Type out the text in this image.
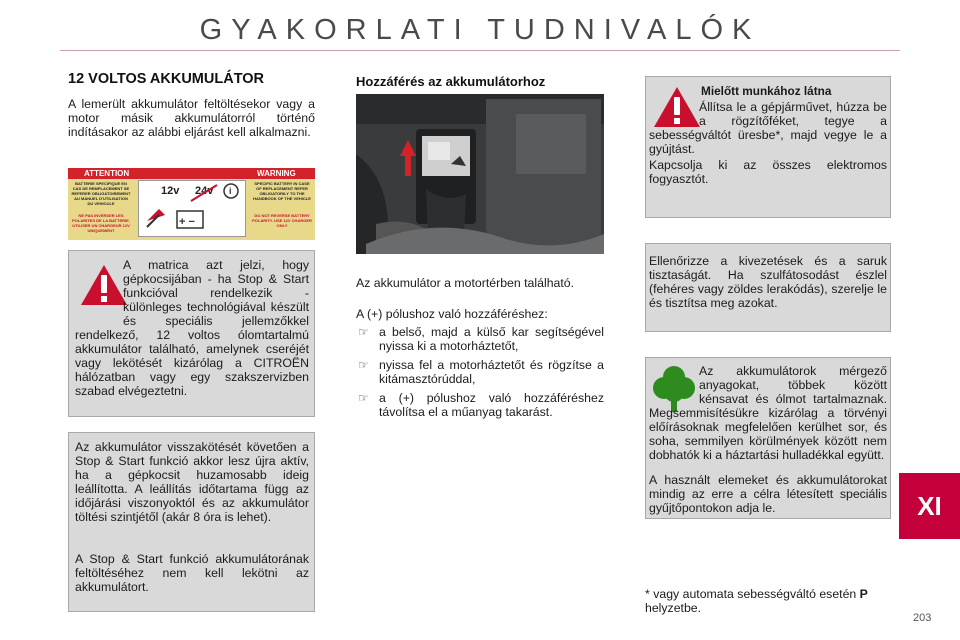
GYAKORLATI TUDNIVALÓK
12 VOLTOS AKKUMULÁTOR
A lemerült akkumulátor feltöltésekor vagy a motor másik akkumulátorról történő indításakor az alábbi eljárást kell alkalmazni.
ATTENTION	WARNING
BATTERIE SPECIFIQUE EN CAS DE REMPLACEMENT SE REFERER OBLIGATOIREMENT AU MANUEL D'UTILISATION DU VEHICULE
SPECIFIC BATTERY IN CASE OF REPLACEMENT REFER OBLIGATORILY TO THE HANDBOOK OF THE VEHICLE
NE PAS INVERSER LES POLARITES DE LA BATTERIE. UTILISER UN CHARGEUR 12V UNIQUEMENT
DO NOT REVERSE BATTERY POLARITY. USE 12V CHARGER ONLY
12v 24v i
+ −
A matrica azt jelzi, hogy gépkocsijában - ha Stop & Start funkcióval rendelkezik - különleges technológiával készült és speciális jellemzőkkel rendelkező, 12 voltos ólomtartalmú akkumulátor található, amelynek cseréjét vagy lekötését kizárólag a CITROËN hálózatban vagy egy szakszervizben szabad elvégeztetni.
Az akkumulátor visszakötését követően a Stop & Start funkció akkor lesz újra aktív, ha a gépkocsit huzamosabb ideig leállította. A leállítás időtartama függ az időjárási viszonyoktól és az akkumulátor töltési szintjétől (akár 8 óra is lehet).
A Stop & Start funkció akkumulátorának feltöltéséhez nem kell lekötni az akkumulátort.
Hozzáférés az akkumulátorhoz
Az akkumulátor a motortérben található.
A (+) pólushoz való hozzáféréshez:
☞ a belső, majd a külső kar segítségével nyissa ki a motorháztetőt,
☞ nyissa fel a motorháztetőt és rögzítse a kitámasztórúddal,
☞ a (+) pólushoz való hozzáféréshez távolítsa el a műanyag takarást.
Mielőtt munkához látna
Állítsa le a gépjárművet, húzza be a rögzítőféket, tegye a sebességváltót üresbe*, majd vegye le a gyújtást.
Kapcsolja ki az összes elektromos fogyasztót.
Ellenőrizze a kivezetések és a saruk tisztaságát. Ha szulfátosodást észlel (fehéres vagy zöldes lerakódás), szerelje le és tisztítsa meg azokat.
Az akkumulátorok mérgező anyagokat, többek között kénsavat és ólmot tartalmaznak. Megsemmisítésükre kizárólag a törvényi előírásoknak megfelelően kerülhet sor, és soha, semmilyen körülmények között nem dobhatók ki a háztartási hulladékkal együtt.
A használt elemeket és akkumulátorokat mindig az erre a célra létesített speciális gyűjtőpontokon adja le.
* vagy automata sebességváltó esetén P helyzetbe.
XI
203
